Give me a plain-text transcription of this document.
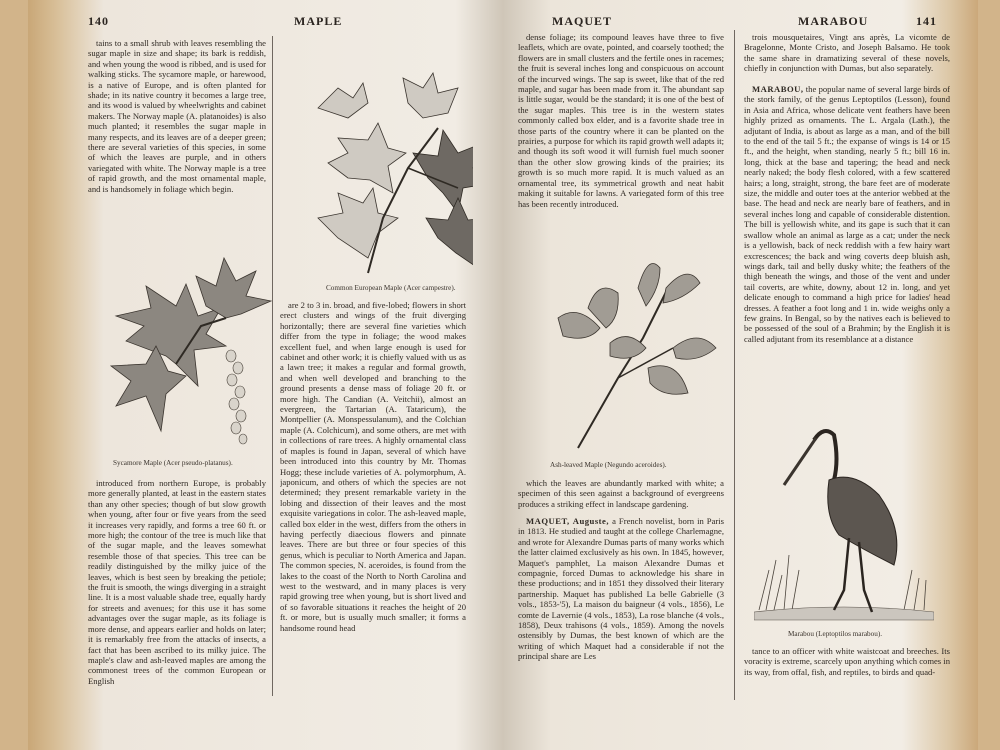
140	MAPLE

tains to a small shrub with leaves resembling the sugar maple in size and shape; its bark is reddish, and when young the wood is ribbed, and is used for walking sticks. The sycamore maple, or harewood, is a native of Europe, and is often planted for shade; in its native country it becomes a large tree, and its wood is valued by wheelwrights and cabinet makers. The Norway maple (A. platanoides) is also much planted; it resembles the sugar maple in many respects, and its leaves are of a deeper green; there are several varieties of this species, in some of which the leaves are purple, and in others variegated with white. The Norway maple is a tree of rapid growth, and the most ornamental maple, and is handsomely in foliage which begin.

Sycamore Maple (Acer pseudo-platanus).
Common European Maple (Acer campestre).

introduced from northern Europe, is probably more generally planted, at least in the eastern states than any other species; though of but slow growth when young, after four or five years from the seed it increases very rapidly, and forms a tree 60 ft. or more high; the contour of the tree is much like that of the sugar maple, and the leaves somewhat resemble those of that species. This tree can be readily distinguished by the milky juice of the leaves, which is best seen by breaking the petiole; the fruit is smooth, the wings diverging in a straight line. It is a most valuable shade tree, equally hardy for streets and avenues; for this use it has some advantages over the sugar maple, as its foliage is more dense, and appears earlier and holds on later; it is remarkably free from the attacks of insects, a fact that has been ascribed to its milky juice. The maple's claw and ash-leaved maples are among the commonest trees of the common European or English

are 2 to 3 in. broad, and five-lobed; flowers in short erect clusters and wings of the fruit diverging horizontally; there are several fine varieties which differ from the type in foliage; the wood makes excellent fuel, and when large enough is used for cabinet and other work; it is chiefly valued with us as a lawn tree; it makes a regular and formal growth, and when well developed and branching to the ground presents a dense mass of foliage 20 ft. or more high. The Candian (A. Veitchii), almost an evergreen, the Tartarian (A. Tataricum), the Montpellier (A. Monspessulanum), and the Colchian maple (A. Colchicum), and some others, are met with in collections of rare trees. A highly ornamental class of maples is found in Japan, several of which have been introduced into this country by Mr. Thomas Hogg; these include varieties of A. polymorphum, A. japonicum, and others of which the species are not determined; they present remarkable variety in the lobing and dissection of their leaves and the most exquisite variegations in color. The ash-leaved maple, called box elder in the west, differs from the others in having perfectly diaecious flowers and pinnate leaves. There are but three or four species of this genus, which is peculiar to North America and Japan. The common species, N. aceroides, is found from the lakes to the coast of the North to North Carolina and west to the westward, and in many places is very rapid growing tree when young, but is short lived and of so favorable situations it reaches the height of 20 ft. or more, but is usually much smaller; it forms a handsome round head

MAQUET	MARABOU	141

dense foliage; its compound leaves have three to five leaflets, which are ovate, pointed, and coarsely toothed; the flowers are in small clusters and the fertile ones in racemes; the fruit is several inches long and conspicuous on account of the incurved wings. The sap is sweet, like that of the red maple, and sugar has been made from it. The abundant sap is little sugar, would be the standard; it is one of the best of the sugar maples. This tree is in the western states commonly called box elder, and is a favorite shade tree in those parts of the country where it can be planted on the prairies, a purpose for which its rapid growth well adapts it; and though its soft wood it will furnish fuel much sooner than the other slow growing kinds of the prairies; its growth is so much more rapid. It is much valued as an ornamental tree, its symmetrical growth and neat habit making it suitable for lawns. A variegated form of this tree has been recently introduced.

Ash-leaved Maple (Negundo aceroides).

which the leaves are abundantly marked with white; a specimen of this seen against a background of evergreens produces a striking effect in landscape gardening.

MAQUET, Auguste, a French novelist, born in Paris in 1813. He studied and taught at the college Charlemagne, and wrote for Alexandre Dumas parts of many works which the latter claimed exclusively as his own. In 1845, however, Maquet's pamphlet, La maison Alexandre Dumas et compagnie, forced Dumas to acknowledge his share in these productions; and in 1851 they dissolved their literary partnership. Maquet has published La belle Gabrielle (3 vols., 1853-'5), La maison du baigneur (4 vols., 1856), Le comte de Lavernie (4 vols., 1853), La rose blanche (4 vols., 1858), Deux trahisons (4 vols., 1859). Among the novels ostensibly by Dumas, the best known of which are the writing of which Maquet had a considerable if not the principal share are Les

trois mousquetaires, Vingt ans après, La vicomte de Bragelonne, Monte Cristo, and Joseph Balsamo. He took the same share in dramatizing several of these novels, chiefly in conjunction with Dumas, but also separately.

MARABOU, the popular name of several large birds of the stork family, of the genus Leptoptilos (Lesson), found in Asia and Africa, whose delicate vent feathers have been highly prized as ornaments. The L. Argala (Lath.), the adjutant of India, is about as large as a man, and of the bill to the end of the tail 5 ft.; the expanse of wings is 14 or 15 ft., and the height, when standing, nearly 5 ft.; bill 16 in. long, thick at the base and tapering; the head and neck nearly naked; the body flesh colored, with a few scattered hairs; a long, straight, strong, the bare feet are of moderate size, the middle and outer toes at the anterior webbed at the base. The head and neck are nearly bare of feathers, and in several inches long and capable of considerable distention. The bill is yellowish white, and its gape is such that it can swallow whole an animal as large as a cat; under the neck is a yellowish, back of neck reddish with a few hairy wart excrescences; the back and wing coverts deep bluish ash, wings dark, tail and belly dusky white; the feathers of the thigh beneath the wings, and those of the vent and under tail coverts, are white, downy, about 12 in. long, and yet delicate enough to command a high price for ladies' head dresses. A feather a foot long and 1 in. wide weighs only a few grains. In Bengal, so by the natives each is believed to be possessed of the soul of a Brahmin; by the English it is called adjutant from its resemblance at a distance

Marabou (Leptoptilos marabou).

tance to an officer with white waistcoat and breeches. Its voracity is extreme, scarcely upon anything which comes in its way, from offal, fish, and reptiles, to birds and quad-
